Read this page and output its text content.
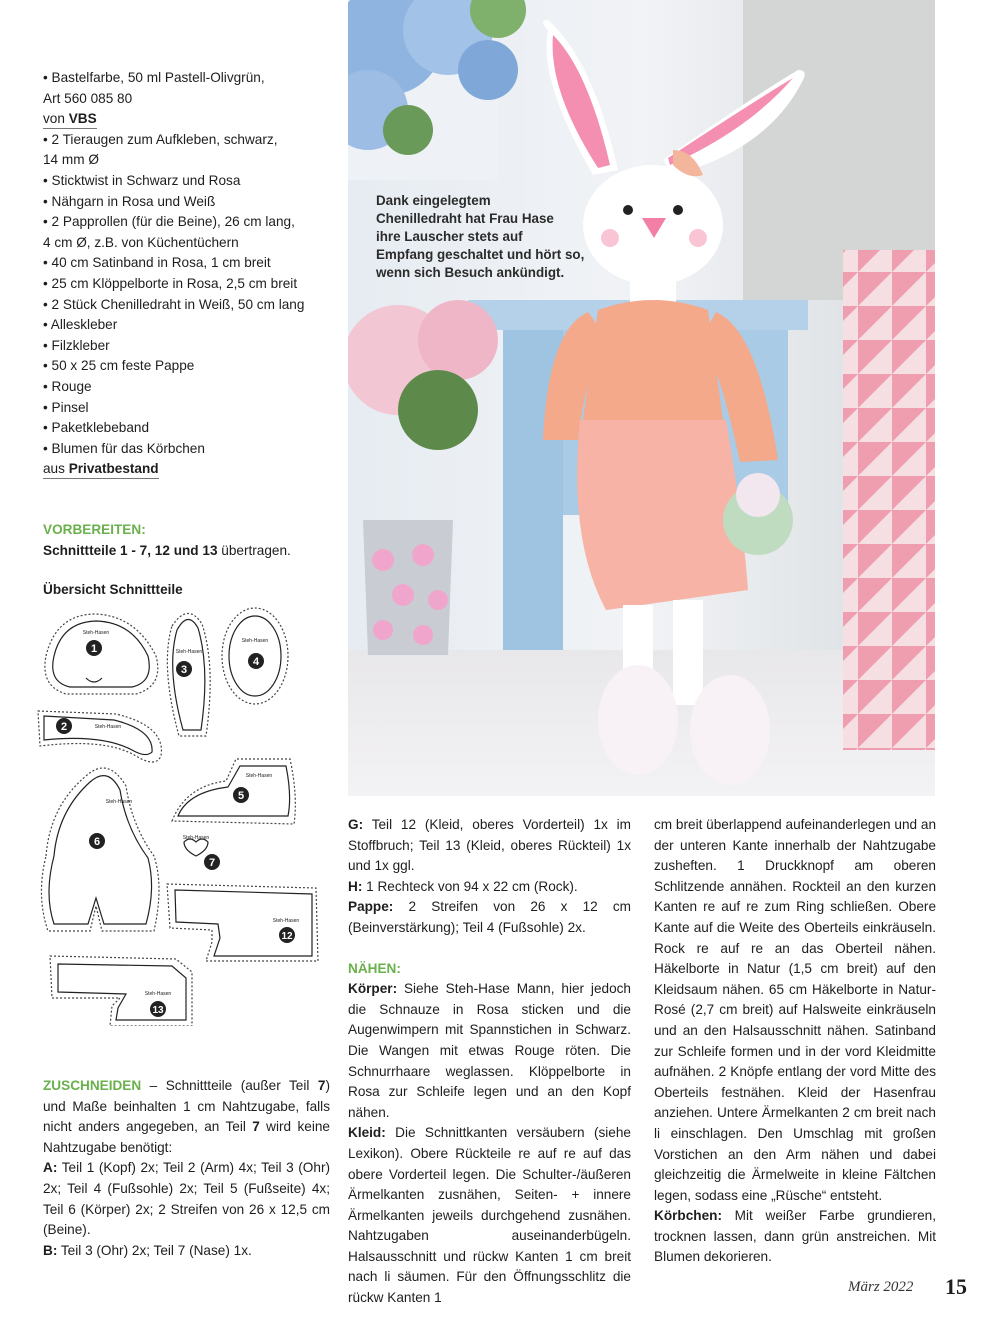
• Bastelfarbe, 50 ml Pastell-Olivgrün,
Art 560 085 80
von VBS
• 2 Tieraugen zum Aufkleben, schwarz,
14 mm Ø
• Sticktwist in Schwarz und Rosa
• Nähgarn in Rosa und Weiß
• 2 Papprollen (für die Beine), 26 cm lang,
4 cm Ø, z.B. von Küchentüchern
• 40 cm Satinband in Rosa, 1 cm breit
• 25 cm Klöppelborte in Rosa, 2,5 cm breit
• 2 Stück Chenilledraht in Weiß, 50 cm lang
• Alleskleber
• Filzkleber
• 50 x 25 cm feste Pappe
• Rouge
• Pinsel
• Paketklebeband
• Blumen für das Körbchen
aus Privatbestand
VORBEREITEN:
Schnittteile 1 - 7, 12 und 13 übertragen.
Übersicht Schnittteile
1
2
3
4
5
6
7
12
13
Steh-Hasen
Steh-Hasen
Steh-Hasen
Steh-Hasen
Steh-Hasen
Steh-Hasen
Steh-Hasen
Steh-Hasen
Steh-Hasen

ZUSCHNEIDEN – Schnittteile (außer Teil 7) und Maße beinhalten 1 cm Nahtzugabe, falls nicht anders angegeben, an Teil 7 wird keine Nahtzugabe benötigt:

A: Teil 1 (Kopf) 2x; Teil 2 (Arm) 4x; Teil 3 (Ohr) 2x; Teil 4 (Fußsohle) 2x; Teil 5 (Fußseite) 4x; Teil 6 (Körper) 2x; 2 Streifen von 26 x 12,5 cm (Beine).

B: Teil 3 (Ohr) 2x; Teil 7 (Nase) 1x.

G: Teil 12 (Kleid, oberes Vorderteil) 1x im Stoffbruch; Teil 13 (Kleid, oberes Rückteil) 1x und 1x ggl.

H: 1 Rechteck von 94 x 22 cm (Rock).

Pappe: 2 Streifen von 26 x 12 cm (Beinverstärkung); Teil 4 (Fußsohle) 2x.

NÄHEN:

Körper: Siehe Steh-Hase Mann, hier jedoch die Schnauze in Rosa sticken und die Augenwimpern mit Spannstichen in Schwarz. Die Wangen mit etwas Rouge röten. Die Schnurrhaare weglassen. Klöppelborte in Rosa zur Schleife legen und an den Kopf nähen.

Kleid: Die Schnittkanten versäubern (siehe Lexikon). Obere Rückteile re auf re auf das obere Vorderteil legen. Die Schulter-/äußeren Ärmelkanten zusnähen, Seiten- + innere Ärmelkanten jeweils durchgehend zusnähen. Nahtzugaben auseinanderbügeln. Halsausschnitt und rückw Kanten 1 cm breit nach li säumen. Für den Öffnungsschlitz die rückw Kanten 1

cm breit überlappend aufeinanderlegen und an der unteren Kante innerhalb der Nahtzugabe zusheften. 1 Druckknopf am oberen Schlitzende annähen. Rockteil an den kurzen Kanten re auf re zum Ring schließen. Obere Kante auf die Weite des Oberteils einkräuseln. Rock re auf re an das Oberteil nähen. Häkelborte in Natur (1,5 cm breit) auf den Kleidsaum nähen. 65 cm Häkelborte in Natur-Rosé (2,7 cm breit) auf Halsweite einkräuseln und an den Halsausschnitt nähen. Satinband zur Schleife formen und in der vord Kleidmitte aufnähen. 2 Knöpfe entlang der vord Mitte des Oberteils festnähen. Kleid der Hasenfrau anziehen. Untere Ärmelkanten 2 cm breit nach li einschlagen. Den Umschlag mit großen Vorstichen an den Arm nähen und dabei gleichzeitig die Ärmelweite in kleine Fältchen legen, sodass eine „Rüsche“ entsteht.

Körbchen: Mit weißer Farbe grundieren, trocknen lassen, dann grün anstreichen. Mit Blumen dekorieren.

Dank eingelegtem
Chenilledraht hat Frau Hase
ihre Lauscher stets auf
Empfang geschaltet und hört so,
wenn sich Besuch ankündigt.
März 2022 15
